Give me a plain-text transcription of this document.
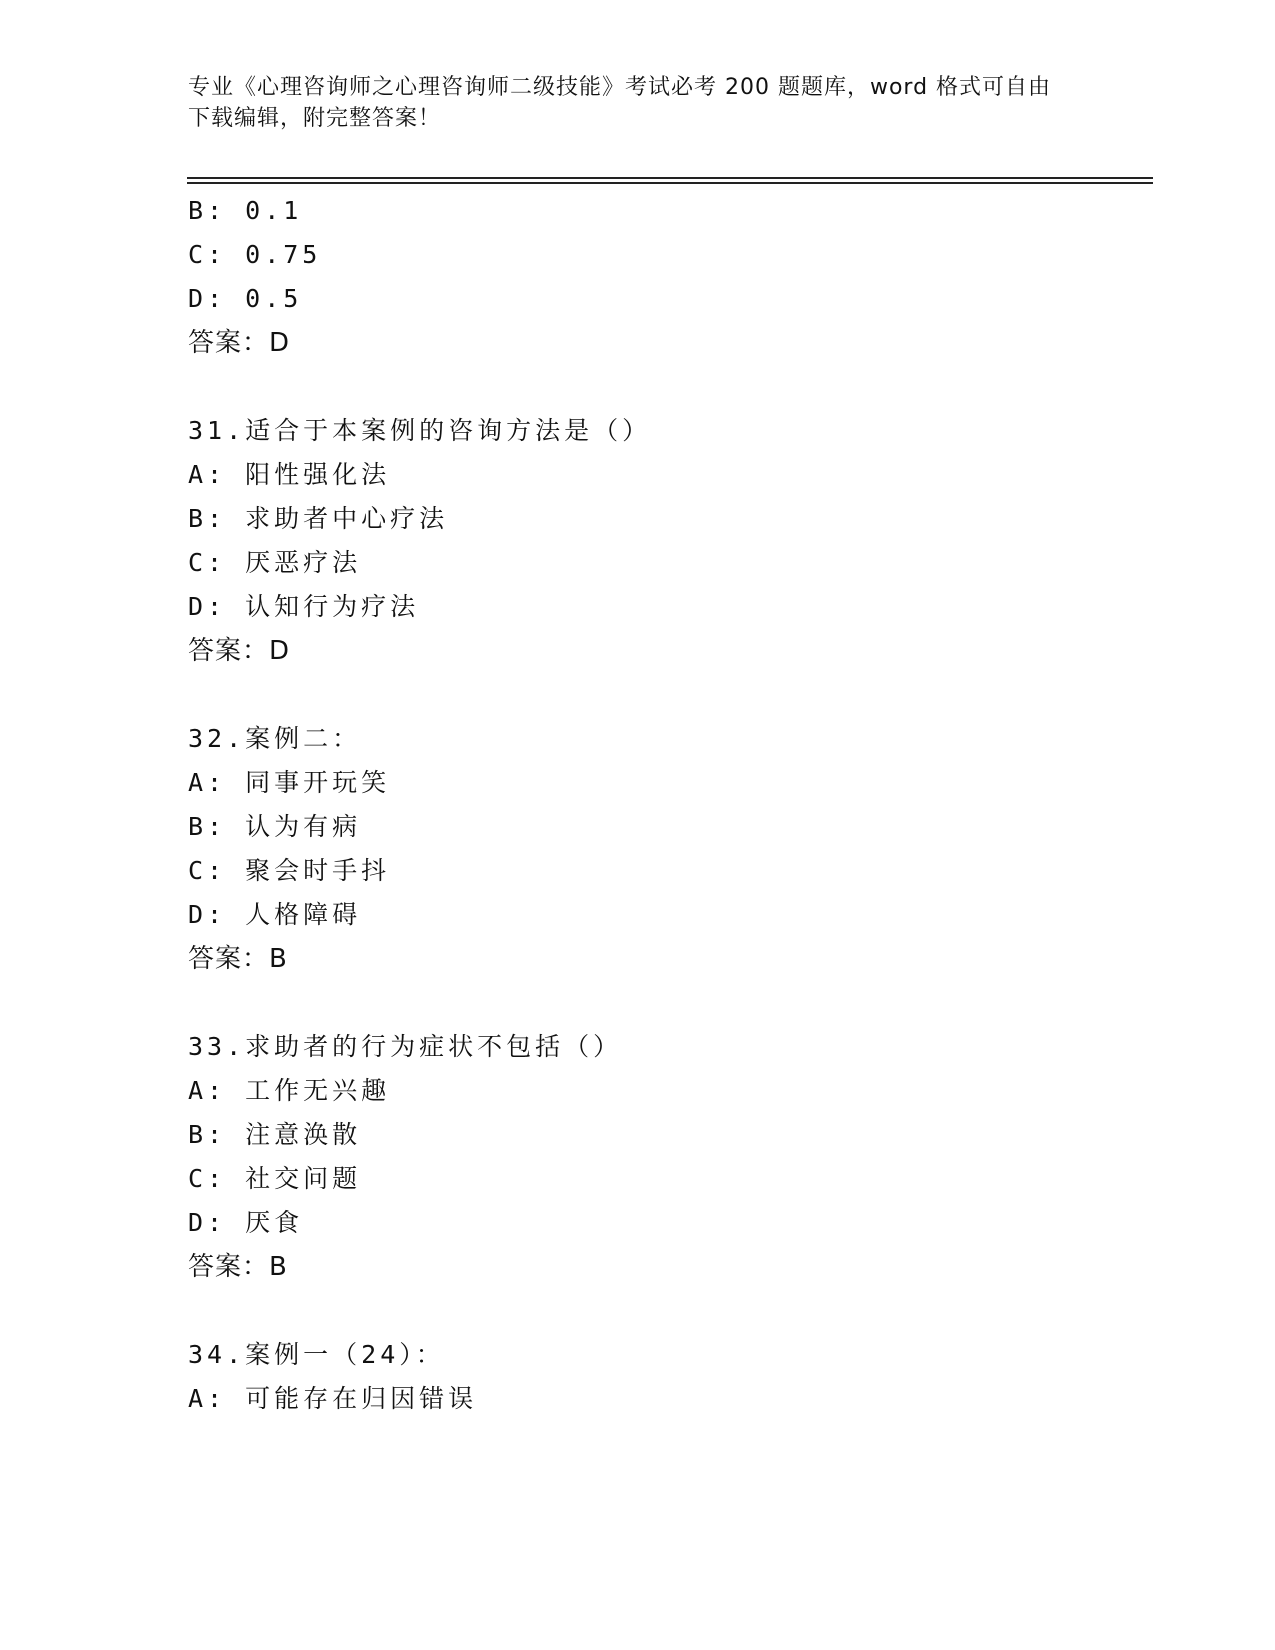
专业《心理咨询师之心理咨询师二级技能》考试必考 200 题题库，word 格式可自由下载编辑，附完整答案！
B: 0.1
C: 0.75
D: 0.5
答案：D
31.适合于本案例的咨询方法是（）
A: 阳性强化法
B: 求助者中心疗法
C: 厌恶疗法
D: 认知行为疗法
答案：D
32.案例二：
A: 同事开玩笑
B: 认为有病
C: 聚会时手抖
D: 人格障碍
答案：B
33.求助者的行为症状不包括（）
A: 工作无兴趣
B: 注意涣散
C: 社交问题
D: 厌食
答案：B
34.案例一（24）：
A: 可能存在归因错误
